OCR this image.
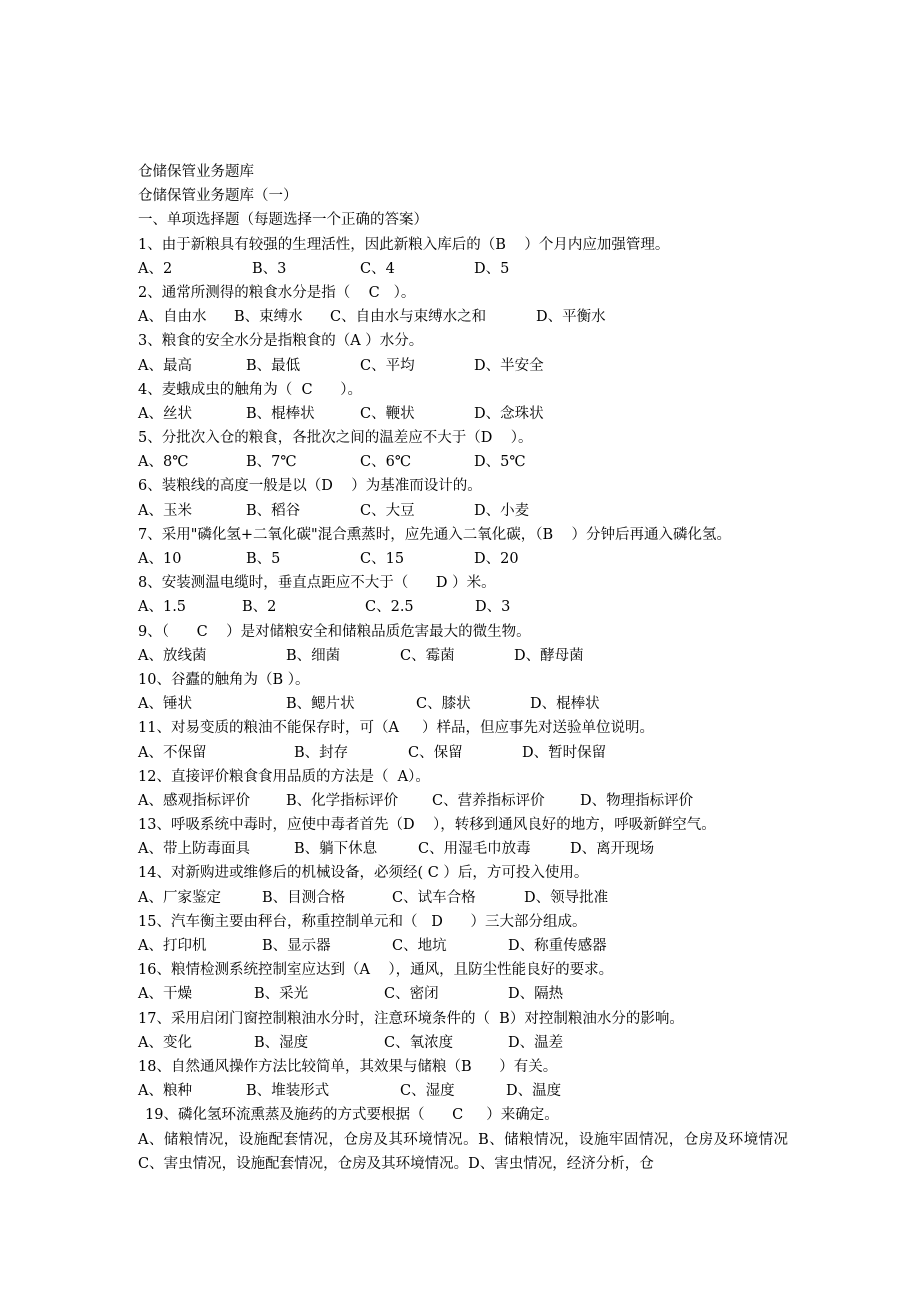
仓储保管业务题库
仓储保管业务题库（一）
一、单项选择题（每题选择一个正确的答案）
1、由于新粮具有较强的生理活性，因此新粮入库后的（B    ）个月内应加强管理。
A、2	B、3	C、4	D、5
2、通常所测得的粮食水分是指（    C   ）。
A、自由水	B、束缚水	C、自由水与束缚水之和	D、平衡水
3、粮食的安全水分是指粮食的（A ）水分。
A、最高	B、最低	C、平均	D、半安全
4、麦蛾成虫的触角为（  C      ）。
A、丝状	B、棍棒状	C、鞭状	D、念珠状
5、分批次入仓的粮食，各批次之间的温差应不大于（D    ）。
A、8℃	B、7℃	C、6℃	D、5℃
6、装粮线的高度一般是以（D    ）为基准而设计的。
A、玉米	B、稻谷	C、大豆	D、小麦
7、采用"磷化氢+二氧化碳"混合熏蒸时，应先通入二氧化碳，（B    ）分钟后再通入磷化氢。
A、10	B、5	C、15	D、20
8、安装测温电缆时，垂直点距应不大于（      D ）米。
A、1.5	B、2	C、2.5	D、3
9、（      C    ）是对储粮安全和储粮品质危害最大的微生物。
A、放线菌	B、细菌	C、霉菌	D、酵母菌
10、谷蠹的触角为（B ）。
A、锤状	B、鳃片状	C、膝状	D、棍棒状
11、对易变质的粮油不能保存时，可（A     ）样品，但应事先对送验单位说明。
A、不保留	B、封存	C、保留	D、暂时保留
12、直接评价粮食食用品质的方法是（  A）。
A、感观指标评价	B、化学指标评价	C、营养指标评价	D、物理指标评价
13、呼吸系统中毒时，应使中毒者首先（D    ），转移到通风良好的地方，呼吸新鲜空气。
A、带上防毒面具	B、躺下休息	C、用湿毛巾放毒	D、离开现场
14、对新购进或维修后的机械设备，必须经( C ）后，方可投入使用。
A、厂家鉴定	B、目测合格	C、试车合格	D、领导批准
15、汽车衡主要由秤台，称重控制单元和（   D      ）三大部分组成。
A、打印机	B、显示器	C、地坑	D、称重传感器
16、粮情检测系统控制室应达到（A    ），通风，且防尘性能良好的要求。
A、干燥	B、采光	C、密闭	D、隔热
17、采用启闭门窗控制粮油水分时，注意环境条件的（  B）对控制粮油水分的影响。
A、变化	B、湿度	C、氧浓度	D、温差
18、自然通风操作方法比较简单，其效果与储粮（B      ）有关。
A、粮种	B、堆装形式	C、湿度	D、温度
19、磷化氢环流熏蒸及施药的方式要根据（      C     ）来确定。
A、储粮情况，设施配套情况，仓房及其环境情况。B、储粮情况，设施牢固情况，仓房及环境情况 C、害虫情况，设施配套情况，仓房及其环境情况。D、害虫情况，经济分析，仓
